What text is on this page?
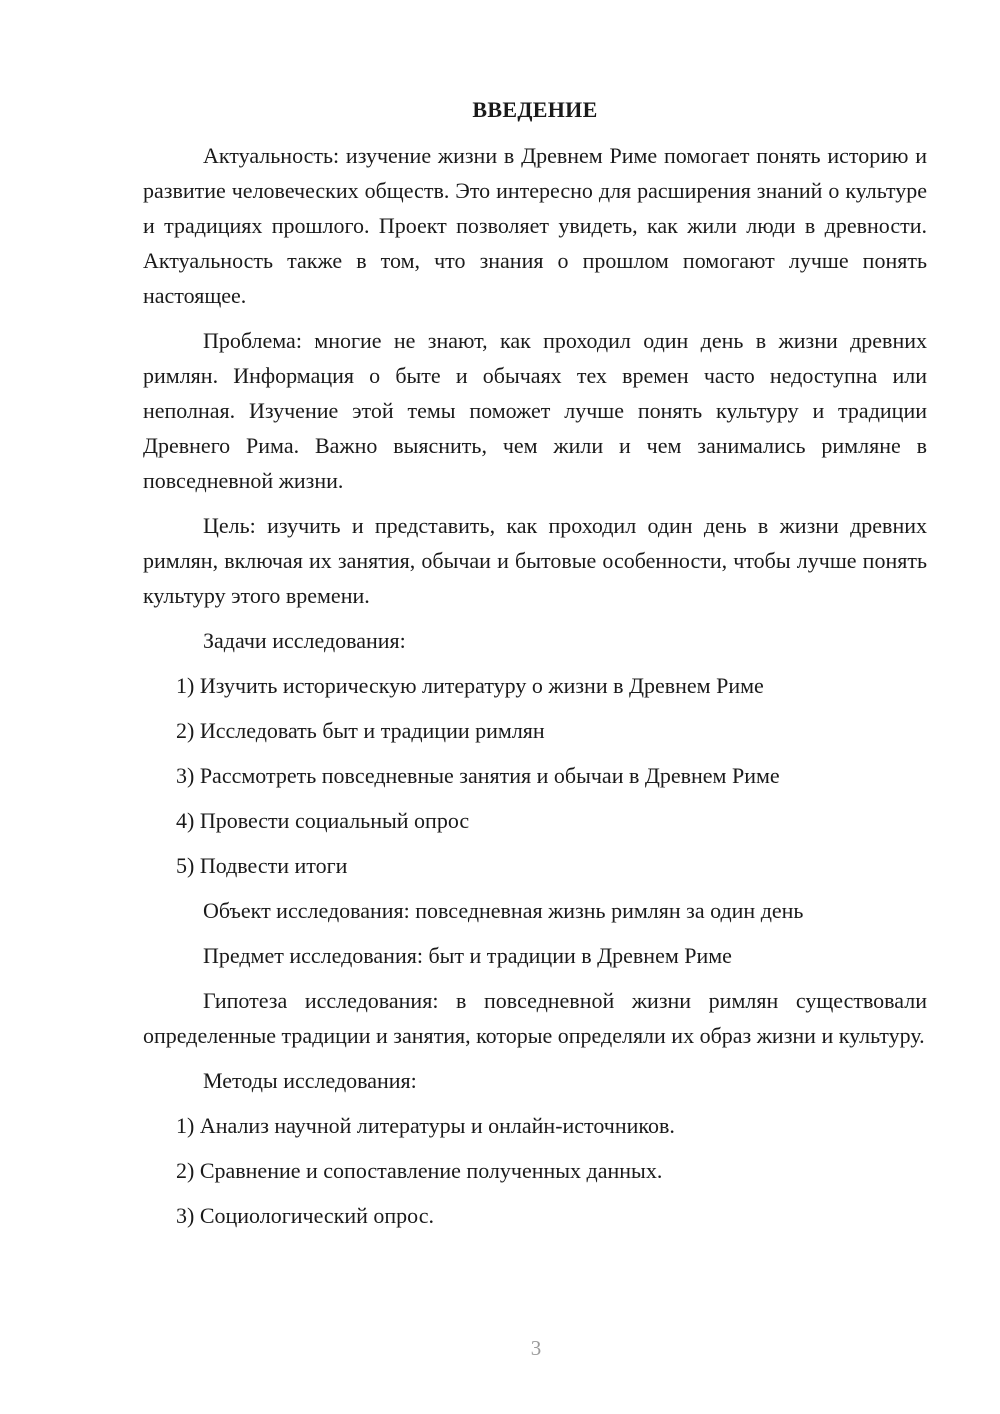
ВВЕДЕНИЕ

Актуальность: изучение жизни в Древнем Риме помогает понять историю и развитие человеческих обществ. Это интересно для расширения знаний о культуре и традициях прошлого. Проект позволяет увидеть, как жили люди в древности. Актуальность также в том, что знания о прошлом помогают лучше понять настоящее.

Проблема: многие не знают, как проходил один день в жизни древних римлян. Информация о быте и обычаях тех времен часто недоступна или неполная. Изучение этой темы поможет лучше понять культуру и традиции Древнего Рима. Важно выяснить, чем жили и чем занимались римляне в повседневной жизни.

Цель: изучить и представить, как проходил один день в жизни древних римлян, включая их занятия, обычаи и бытовые особенности, чтобы лучше понять культуру этого времени.

Задачи исследования:
1) Изучить историческую литературу о жизни в Древнем Риме
2) Исследовать быт и традиции римлян
3) Рассмотреть повседневные занятия и обычаи в Древнем Риме
4) Провести социальный опрос
5) Подвести итоги
Объект исследования: повседневная жизнь римлян за один день
Предмет исследования: быт и традиции в Древнем Риме

Гипотеза исследования: в повседневной жизни римлян существовали определенные традиции и занятия, которые определяли их образ жизни и культуру.

Методы исследования:
1) Анализ научной литературы и онлайн-источников.
2) Сравнение и сопоставление полученных данных.
3) Социологический опрос.
3
